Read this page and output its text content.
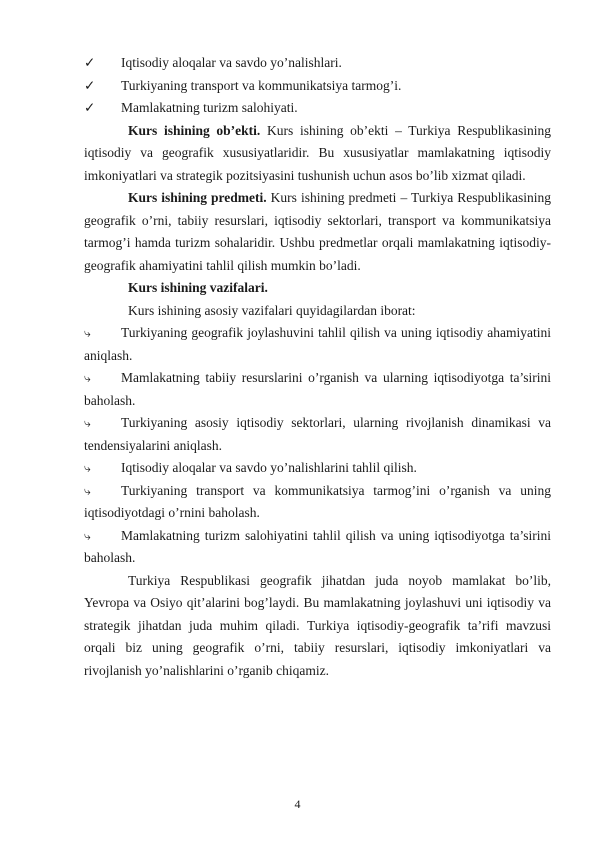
✓ Iqtisodiy aloqalar va savdo yo’nalishlari.
✓ Turkiyaning transport va kommunikatsiya tarmog’i.
✓ Mamlakatning turizm salohiyati.

Kurs ishining ob’ekti. Kurs ishining ob’ekti – Turkiya Respublikasining iqtisodiy va geografik xususiyatlaridir. Bu xususiyatlar mamlakatning iqtisodiy imkoniyatlari va strategik pozitsiyasini tushunish uchun asos bo’lib xizmat qiladi.

Kurs ishining predmeti. Kurs ishining predmeti – Turkiya Respublikasining geografik o’rni, tabiiy resurslari, iqtisodiy sektorlari, transport va kommunikatsiya tarmog’i hamda turizm sohalaridir. Ushbu predmetlar orqali mamlakatning iqtisodiy-geografik ahamiyatini tahlil qilish mumkin bo’ladi.

Kurs ishining vazifalari.
Kurs ishining asosiy vazifalari quyidagilardan iborat:

⤷ Turkiyaning geografik joylashuvini tahlil qilish va uning iqtisodiy ahamiyatini aniqlash.

⤷ Mamlakatning tabiiy resurslarini o’rganish va ularning iqtisodiyotga ta’sirini baholash.

⤷ Turkiyaning asosiy iqtisodiy sektorlari, ularning rivojlanish dinamikasi va tendensiyalarini aniqlash.

⤷ Iqtisodiy aloqalar va savdo yo’nalishlarini tahlil qilish.

⤷ Turkiyaning transport va kommunikatsiya tarmog’ini o’rganish va uning iqtisodiyotdagi o’rnini baholash.

⤷ Mamlakatning turizm salohiyatini tahlil qilish va uning iqtisodiyotga ta’sirini baholash.

Turkiya Respublikasi geografik jihatdan juda noyob mamlakat bo’lib, Yevropa va Osiyo qit’alarini bog’laydi. Bu mamlakatning joylashuvi uni iqtisodiy va strategik jihatdan juda muhim qiladi. Turkiya iqtisodiy-geografik ta’rifi mavzusi orqali biz uning geografik o’rni, tabiiy resurslari, iqtisodiy imkoniyatlari va rivojlanish yo’nalishlarini o’rganib chiqamiz.

4
